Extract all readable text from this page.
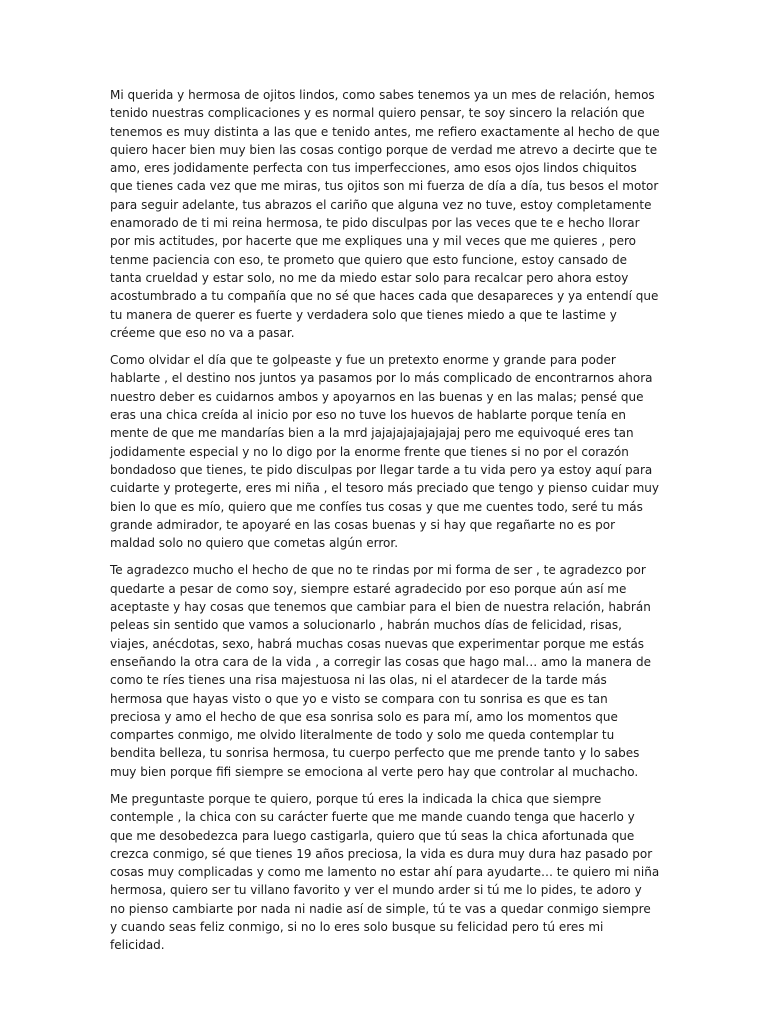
Mi querida y hermosa de ojitos lindos, como sabes tenemos ya un mes de relación, hemos tenido nuestras complicaciones y es normal quiero pensar, te soy sincero la relación que tenemos es muy distinta a las que e tenido antes, me refiero exactamente al hecho de que quiero hacer bien muy bien las cosas contigo porque de verdad me atrevo a decirte que te amo, eres jodidamente perfecta con tus imperfecciones, amo esos ojos lindos chiquitos que tienes cada vez que me miras, tus ojitos son mi fuerza de día a día, tus besos el motor para seguir adelante, tus abrazos el cariño que alguna vez no tuve, estoy completamente enamorado de ti mi reina hermosa, te pido disculpas por las veces que te e hecho llorar por mis actitudes, por hacerte que me expliques una y mil veces que me quieres , pero tenme paciencia con eso, te prometo que quiero que esto funcione, estoy cansado de tanta crueldad y estar solo, no me da miedo estar solo para recalcar pero ahora estoy acostumbrado a tu compañía que no sé que haces cada que desapareces y ya entendí que tu manera de querer es fuerte y verdadera solo que tienes miedo a que te lastime y créeme que eso no va a pasar.

Como olvidar el día que te golpeaste y fue un pretexto enorme y grande para poder hablarte , el destino nos juntos ya pasamos por lo más complicado de encontrarnos ahora nuestro deber es cuidarnos ambos y apoyarnos en las buenas y en las malas; pensé que eras una chica creída al inicio por eso no tuve los huevos de hablarte porque tenía en mente de que me mandarías bien a la mrd jajajajajajajajaj pero me equivoqué eres tan jodidamente especial y no lo digo por la enorme frente que tienes si no por el corazón bondadoso que tienes, te pido disculpas por llegar tarde a tu vida pero ya estoy aquí para cuidarte y protegerte, eres mi niña , el tesoro más preciado que tengo y pienso cuidar muy bien lo que es mío, quiero que me confíes tus cosas y que me cuentes todo, seré tu más grande admirador, te apoyaré en las cosas buenas y si hay que regañarte no es por maldad solo no quiero que cometas algún error.

Te agradezco mucho el hecho de que no te rindas por mi forma de ser , te agradezco por quedarte a pesar de como soy, siempre estaré agradecido por eso porque aún así me aceptaste y hay cosas que tenemos que cambiar para el bien de nuestra relación, habrán peleas sin sentido que vamos a solucionarlo , habrán muchos días de felicidad, risas, viajes, anécdotas, sexo, habrá muchas cosas nuevas que experimentar porque me estás enseñando la otra cara de la vida , a corregir las cosas que hago mal… amo la manera de como te ríes tienes una risa majestuosa ni las olas, ni el atardecer de la tarde más hermosa que hayas visto o que yo e visto se compara con tu sonrisa es que es tan preciosa y amo el hecho de que esa sonrisa solo es para mí, amo los momentos que compartes conmigo, me olvido literalmente de todo y solo me queda contemplar tu bendita belleza, tu sonrisa hermosa, tu cuerpo perfecto que me prende tanto y lo sabes muy bien porque fifi siempre se emociona al verte pero hay que controlar al muchacho.

Me preguntaste porque te quiero, porque tú eres la indicada la chica que siempre contemple , la chica con su carácter fuerte que me mande cuando tenga que hacerlo y que me desobedezca para luego castigarla, quiero que tú seas la chica afortunada que crezca conmigo, sé que tienes 19 años preciosa, la vida es dura muy dura haz pasado por cosas muy complicadas y como me lamento no estar ahí para ayudarte… te quiero mi niña hermosa, quiero ser tu villano favorito y ver el mundo arder si tú me lo pides, te adoro y no pienso cambiarte por nada ni nadie así de simple, tú te vas a quedar conmigo siempre y cuando seas feliz conmigo, si no lo eres solo busque su felicidad pero tú eres mi felicidad.
